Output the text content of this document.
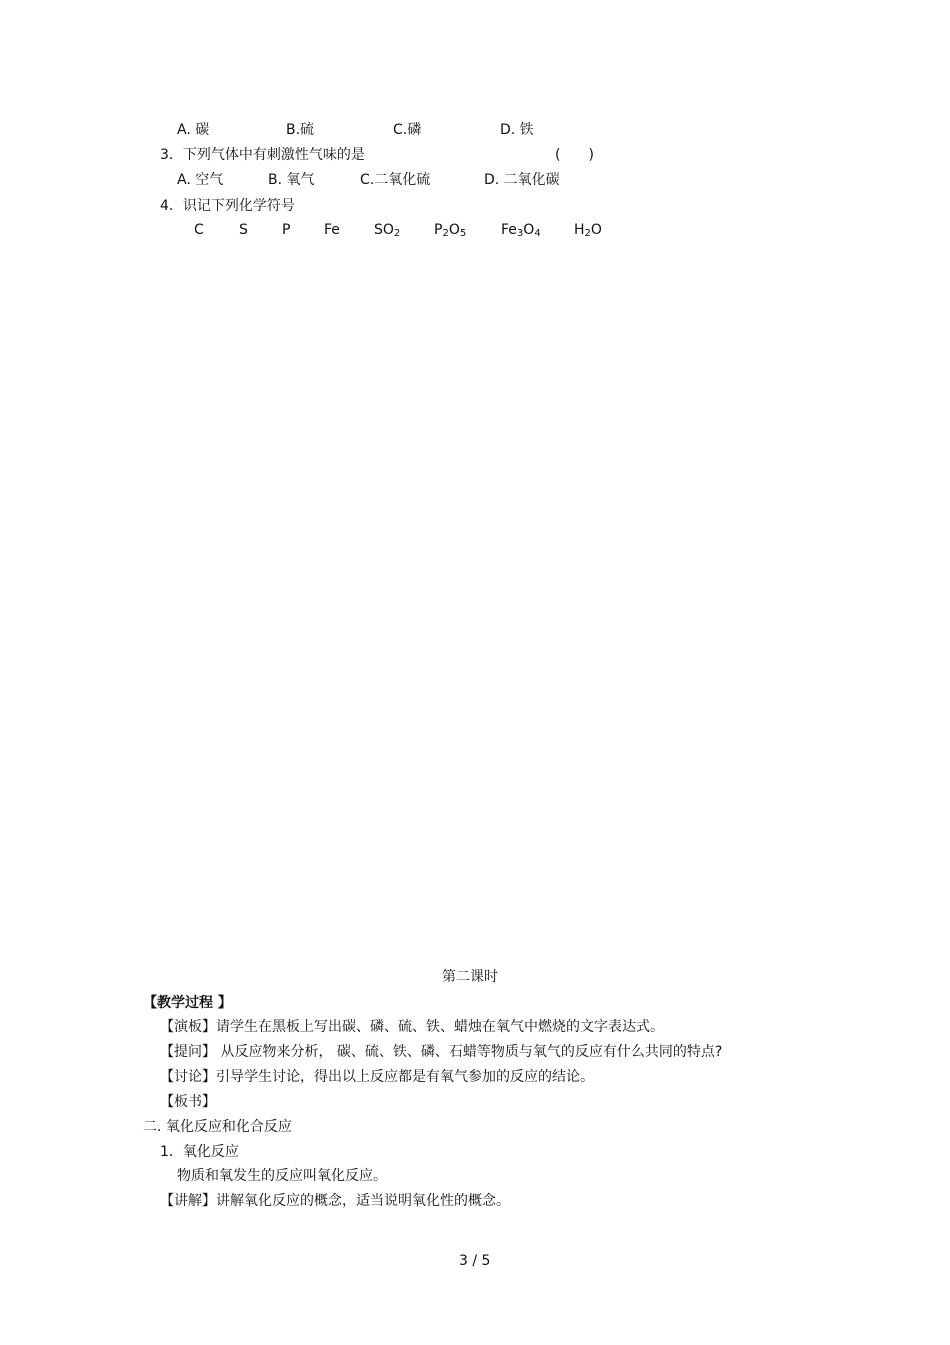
A. 碳	B.硫	C.磷	D. 铁
3．下列气体中有刺激性气味的是	(　　)
A. 空气	B. 氧气	C.二氧化硫	D. 二氧化碳
4．识记下列化学符号
C	S P Fe $SO_2$ $P_2O_5$ $Fe_3O_4$ $H_2O$
第二课时
【教学过程 】
【演板】请学生在黑板上写出碳、磷、硫、铁、蜡烛在氧气中燃烧的文字表达式。
【提问】 从反应物来分析， 碳、硫、铁、磷、石蜡等物质与氧气的反应有什么共同的特点?
【讨论】引导学生讨论，得出以上反应都是有氧气参加的反应的结论。
【板书】
二. 氧化反应和化合反应
1．氧化反应
物质和氧发生的反应叫氧化反应。
【讲解】讲解氧化反应的概念，适当说明氧化性的概念。
3 / 5
